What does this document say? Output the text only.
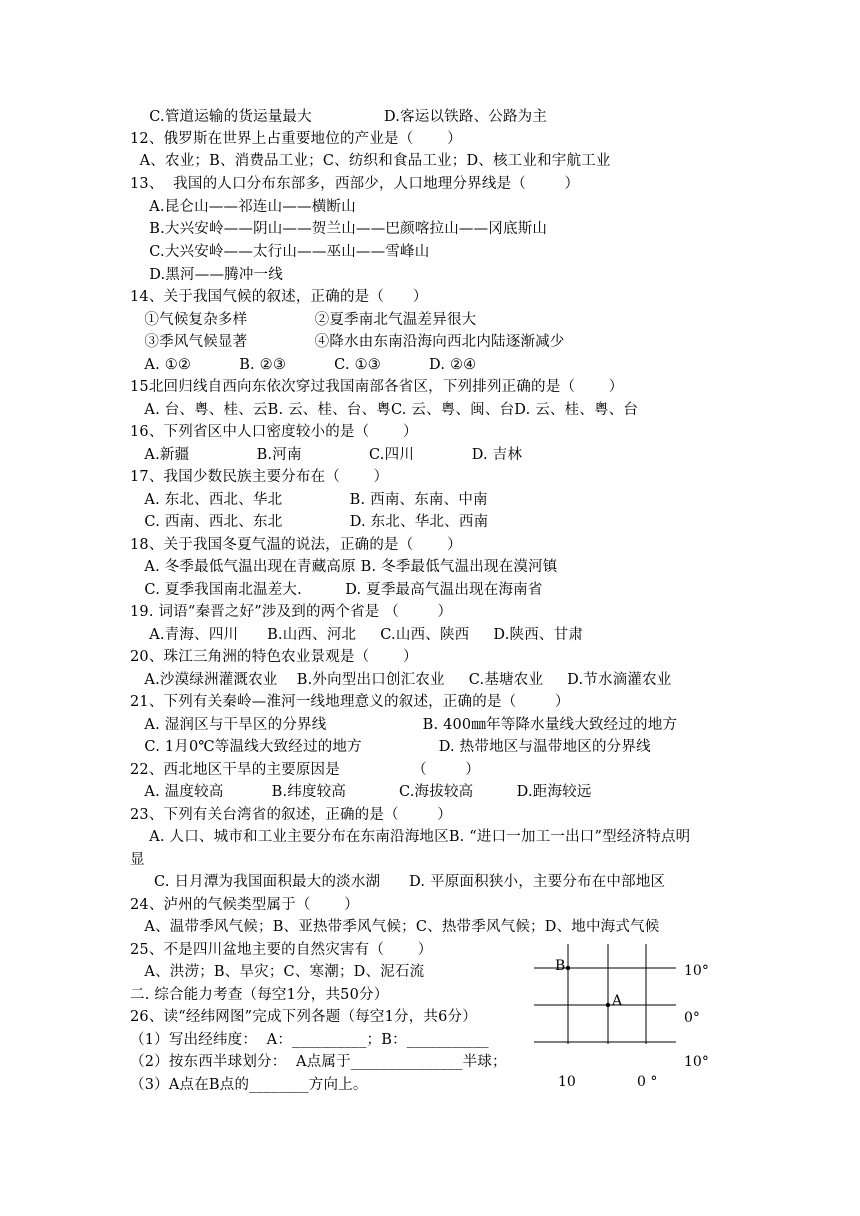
C.管道运输的货运量最大               D.客运以铁路、公路为主
12、俄罗斯在世界上占重要地位的产业是（       ）
A、农业；B、消费品工业；C、纺织和食品工业；D、核工业和宇航工业
13、  我国的人口分布东部多，西部少，人口地理分界线是（        ）
A.昆仑山——祁连山——横断山
B.大兴安岭——阴山——贺兰山——巴颜喀拉山——冈底斯山
C.大兴安岭——太行山——巫山——雪峰山
D.黑河——腾冲一线
14、关于我国气候的叙述，正确的是（      ）
①气候复杂多样              ②夏季南北气温差异很大
③季风气候显著              ④降水由东南沿海向西北内陆逐渐减少
A. ①②          B. ②③          C. ①③          D. ②④
15北回归线自西向东依次穿过我国南部各省区，下列排列正确的是（       ）
A. 台、粤、桂、云B. 云、桂、台、粤C. 云、粤、闽、台D. 云、桂、粤、台
16、下列省区中人口密度较小的是（       ）
A.新疆              B.河南              C.四川            D. 吉林
17、我国少数民族主要分布在（       ）
A. 东北、西北、华北              B. 西南、东南、中南
C. 西南、西北、东北              D. 东北、华北、西南
18、关于我国冬夏气温的说法，正确的是（       ）
A. 冬季最低气温出现在青藏高原 B. 冬季最低气温出现在漠河镇
C. 夏季我国南北温差大.         D. 夏季最高气温出现在海南省
19. 词语“秦晋之好”涉及到的两个省是 （        ）
A.青海、四川      B.山西、河北     C.山西、陕西     D.陕西、甘肃
20、珠江三角洲的特色农业景观是（       ）
A.沙漠绿洲灌溉农业    B.外向型出口创汇农业     C.基塘农业     D.节水滴灌农业
21、下列有关秦岭—淮河一线地理意义的叙述，正确的是（        ）
A. 湿润区与干旱区的分界线                    B. 400㎜年等降水量线大致经过的地方
C. 1月0℃等温线大致经过的地方                D. 热带地区与温带地区的分界线
22、西北地区干旱的主要原因是               （        ）
A. 温度较高          B.纬度较高           C.海拔较高         D.距海较远
23、下列有关台湾省的叙述，正确的是（        ）
A. 人口、城市和工业主要分布在东南沿海地区B. “进口一加工一出口”型经济特点明
显
C. 日月潭为我国面积最大的淡水湖      D. 平原面积狭小，主要分布在中部地区
24、泸州的气候类型属于（       ）
A、温带季风气候；B、亚热带季风气候；C、热带季风气候；D、地中海式气候
25、不是四川盆地主要的自然灾害有（       ）
A、洪涝；B、旱灾；C、寒潮；D、泥石流
二. 综合能力考查（每空1分，共50分）
26、读“经纬网图”完成下列各题（每空1分，共6分）
（1）写出经纬度：  A：__________；B：___________
（2）按东西半球划分：  A点属于_______________半球；
（3）A点在B点的________方向上。
B
A
10°
0°
10°
10	0 °
